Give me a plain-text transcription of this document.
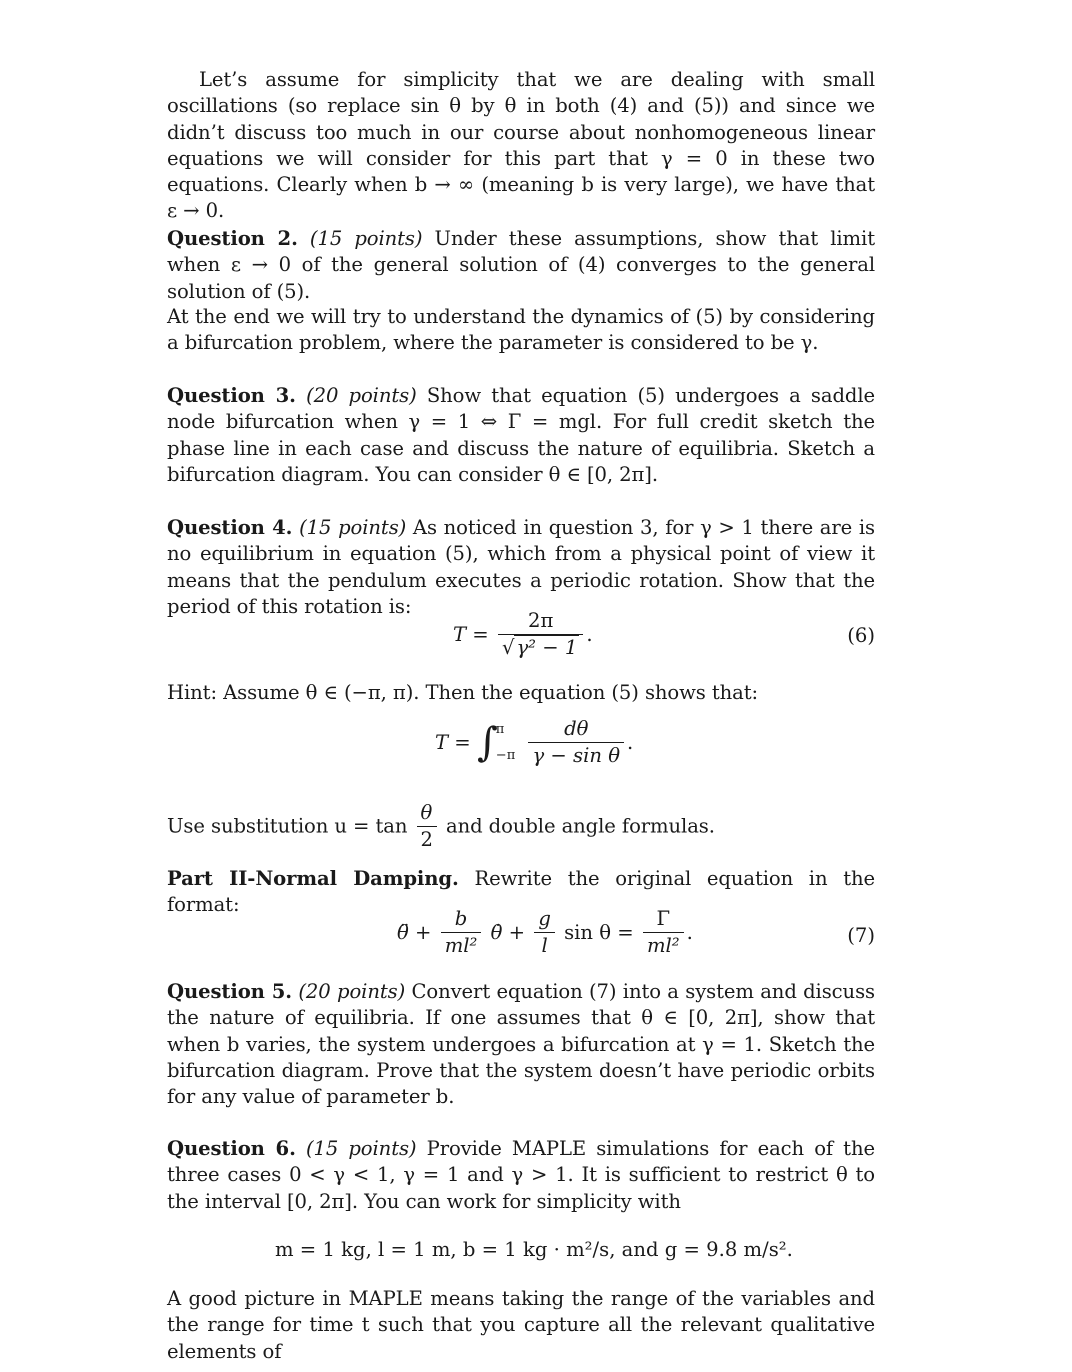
Let’s assume for simplicity that we are dealing with small oscillations (so replace sin θ by θ in both (4) and (5)) and since we didn’t discuss too much in our course about nonhomogeneous linear equations we will consider for this part that γ = 0 in these two equations. Clearly when b → ∞ (meaning b is very large), we have that ε → 0.

Question 2. (15 points) Under these assumptions, show that limit when ε → 0 of the general solution of (4) converges to the general solution of (5).

At the end we will try to understand the dynamics of (5) by considering a bifurcation problem, where the parameter is considered to be γ.

Question 3. (20 points) Show that equation (5) undergoes a saddle node bifurcation when γ = 1 ⇔ Γ = mgl. For full credit sketch the phase line in each case and discuss the nature of equilibria. Sketch a bifurcation diagram. You can consider θ ∈ [0, 2π].

Question 4. (15 points) As noticed in question 3, for γ > 1 there are is no equilibrium in equation (5), which from a physical point of view it means that the pendulum executes a periodic rotation. Show that the period of this rotation is:

$T = \frac{2\pi}{\text{√ γ² − 1}}$ .	(6)

Hint: Assume θ ∈ (−π, π). Then the equation (5) shows that:

T = ∫π

$-\pi \frac{d\theta}{\text{γ − sin θ}}$ .

Use substitution $u = \tan \frac{\theta}{2}$ and double angle formulas.

Part II-Normal Damping. Rewrite the original equation in the format:

θ̈ + $\frac{b}{\text{ml²}}$ θ̇ + $\frac{g}{l}$ $\sin \theta = \frac{\Gamma}{\text{ml²}}$ .	(7)

Question 5. (20 points) Convert equation (7) into a system and discuss the nature of equilibria. If one assumes that θ ∈ [0, 2π], show that when b varies, the system undergoes a bifurcation at γ = 1. Sketch the bifurcation diagram. Prove that the system doesn’t have periodic orbits for any value of parameter b.

Question 6. (15 points) Provide MAPLE simulations for each of the three cases 0 < γ < 1, γ = 1 and γ > 1. It is sufficient to restrict θ to the interval [0, 2π]. You can work for simplicity with

m = 1 kg, l = 1 m, b = 1 kg · m²/s, and g = 9.8 m/s².

A good picture in MAPLE means taking the range of the variables and the range for time t such that you capture all the relevant qualitative elements of
